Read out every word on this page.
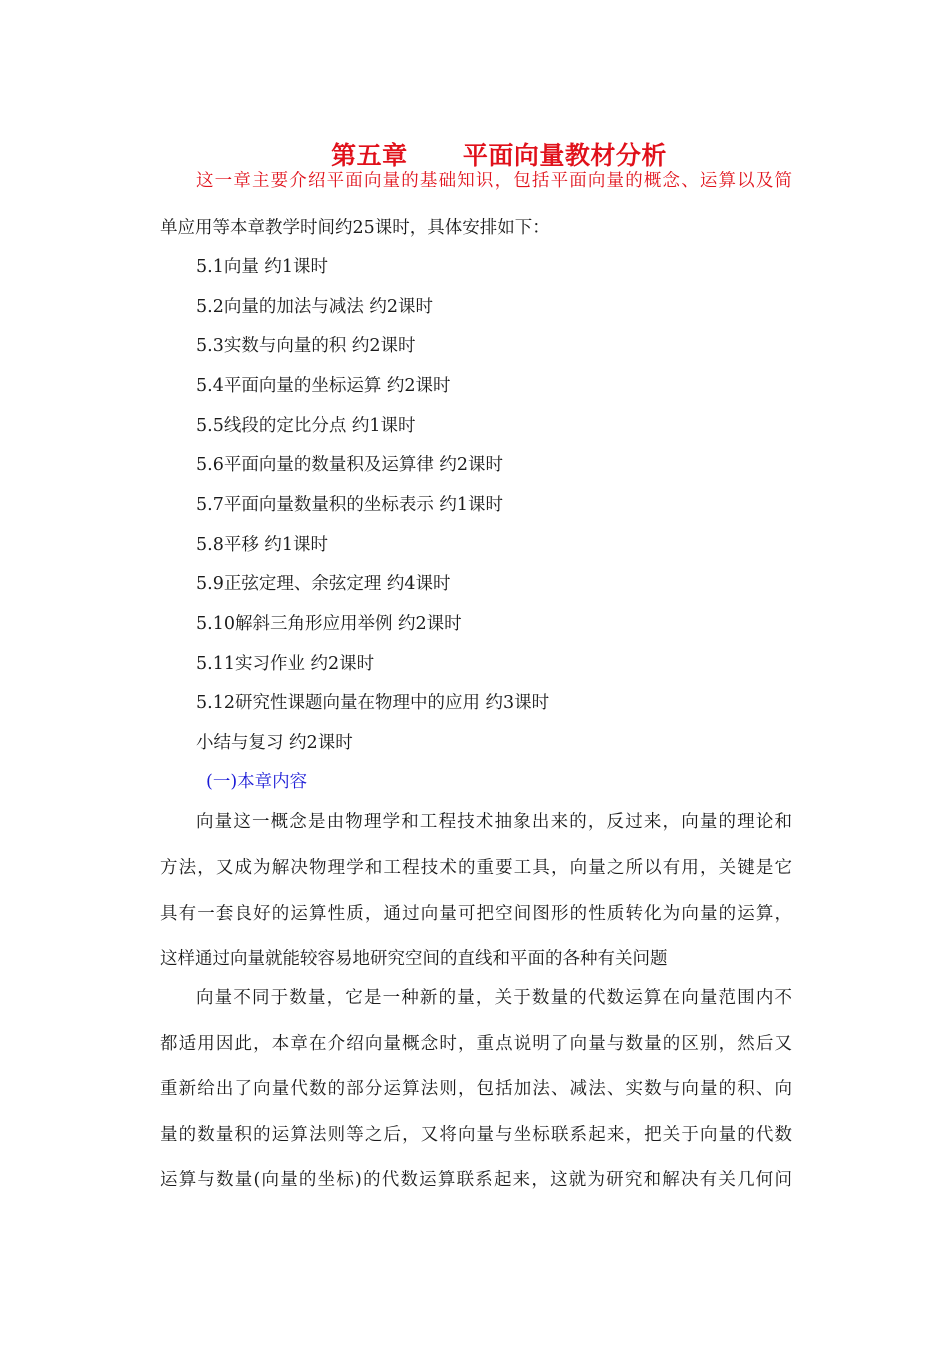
第五章      平面向量教材分析
这一章主要介绍平面向量的基础知识，包括平面向量的概念、运算以及简
单应用等本章教学时间约25课时，具体安排如下：
5.1向量 约1课时
5.2向量的加法与减法 约2课时
5.3实数与向量的积 约2课时
5.4平面向量的坐标运算 约2课时
5.5线段的定比分点 约1课时
5.6平面向量的数量积及运算律 约2课时
5.7平面向量数量积的坐标表示 约1课时
5.8平移 约1课时
5.9正弦定理、余弦定理 约4课时
5.10解斜三角形应用举例 约2课时
5.11实习作业 约2课时
5.12研究性课题向量在物理中的应用 约3课时
小结与复习 约2课时
(一)本章内容
向量这一概念是由物理学和工程技术抽象出来的，反过来，向量的理论和
方法，又成为解决物理学和工程技术的重要工具，向量之所以有用，关键是它
具有一套良好的运算性质，通过向量可把空间图形的性质转化为向量的运算，
这样通过向量就能较容易地研究空间的直线和平面的各种有关问题
向量不同于数量，它是一种新的量，关于数量的代数运算在向量范围内不
都适用因此，本章在介绍向量概念时，重点说明了向量与数量的区别，然后又
重新给出了向量代数的部分运算法则，包括加法、减法、实数与向量的积、向
量的数量积的运算法则等之后，又将向量与坐标联系起来，把关于向量的代数
运算与数量(向量的坐标)的代数运算联系起来，这就为研究和解决有关几何问
